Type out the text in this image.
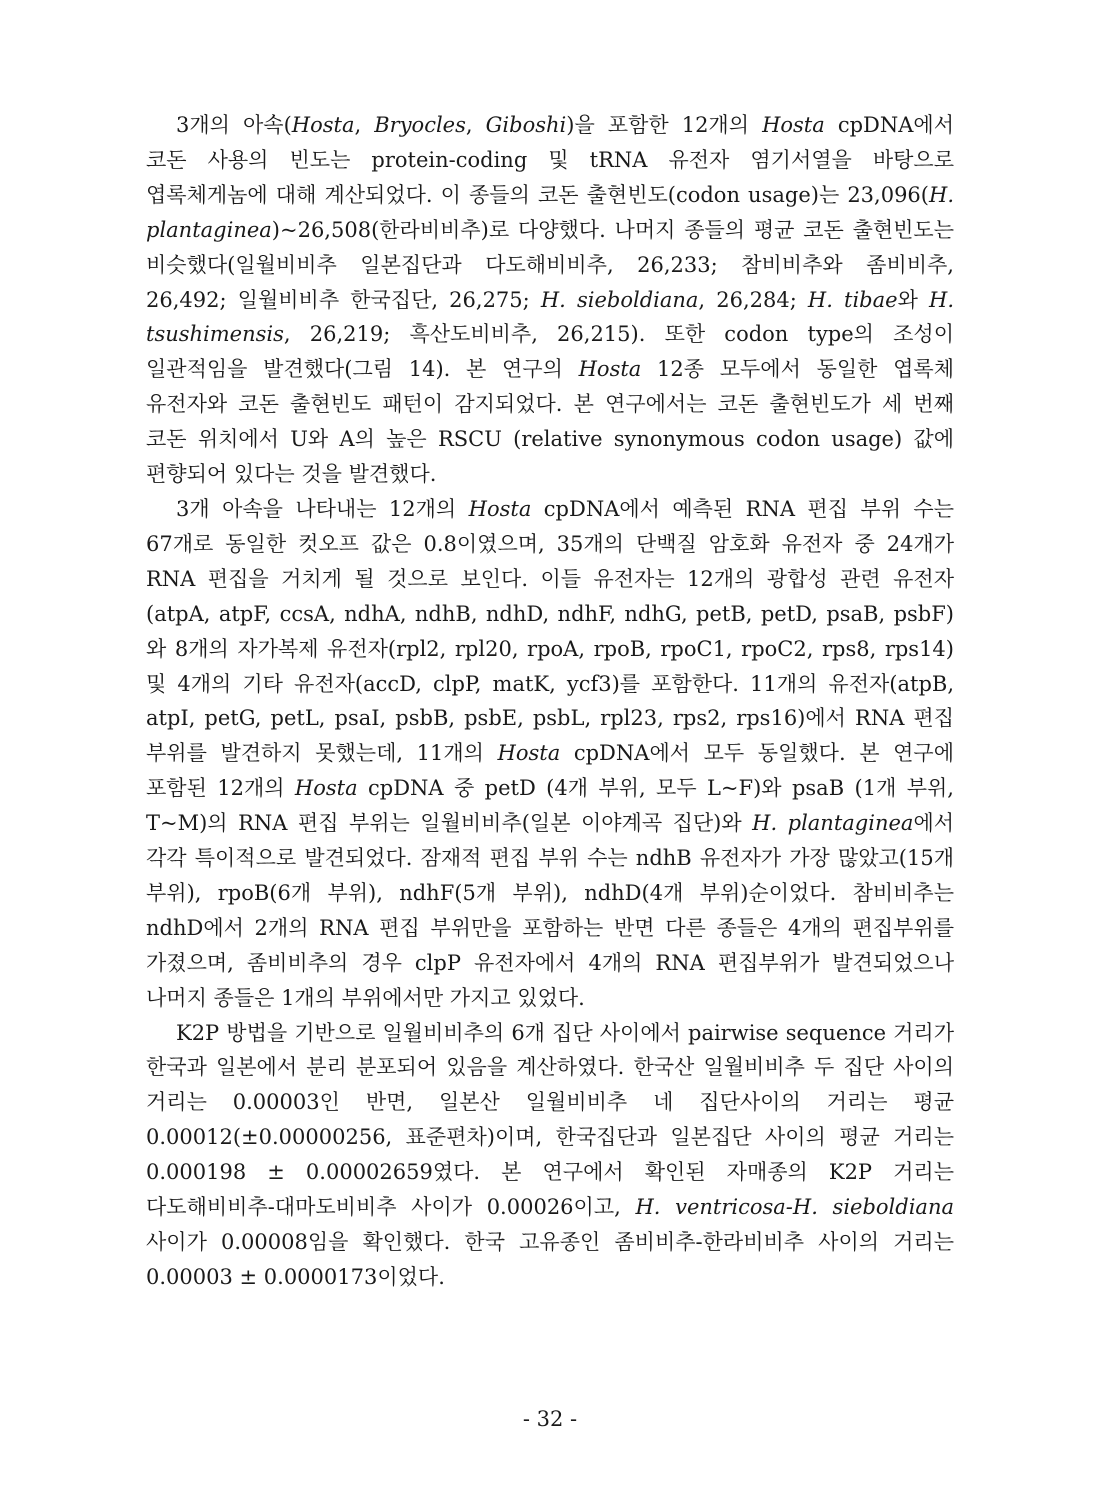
3개의 아속(Hosta, Bryocles, Giboshi)을 포함한 12개의 Hosta cpDNA에서 코돈 사용의 빈도는 protein-coding 및 tRNA 유전자 염기서열을 바탕으로 엽록체게놈에 대해 계산되었다. 이 종들의 코돈 출현빈도(codon usage)는 23,096(H. plantaginea)~26,508(한라비비추)로 다양했다. 나머지 종들의 평균 코돈 출현빈도는 비슷했다(일월비비추 일본집단과 다도해비비추, 26,233; 참비비추와 좀비비추, 26,492; 일월비비추 한국집단, 26,275; H. sieboldiana, 26,284; H. tibae와 H. tsushimensis, 26,219; 흑산도비비추, 26,215). 또한 codon type의 조성이 일관적임을 발견했다(그림 14). 본 연구의 Hosta 12종 모두에서 동일한 엽록체 유전자와 코돈 출현빈도 패턴이 감지되었다. 본 연구에서는 코돈 출현빈도가 세 번째 코돈 위치에서 U와 A의 높은 RSCU (relative synonymous codon usage) 값에 편향되어 있다는 것을 발견했다.

3개 아속을 나타내는 12개의 Hosta cpDNA에서 예측된 RNA 편집 부위 수는 67개로 동일한 컷오프 값은 0.8이였으며, 35개의 단백질 암호화 유전자 중 24개가 RNA 편집을 거치게 될 것으로 보인다. 이들 유전자는 12개의 광합성 관련 유전자(atpA, atpF, ccsA, ndhA, ndhB, ndhD, ndhF, ndhG, petB, petD, psaB, psbF)와 8개의 자가복제 유전자(rpl2, rpl20, rpoA, rpoB, rpoC1, rpoC2, rps8, rps14) 및 4개의 기타 유전자(accD, clpP, matK, ycf3)를 포함한다. 11개의 유전자(atpB, atpI, petG, petL, psaI, psbB, psbE, psbL, rpl23, rps2, rps16)에서 RNA 편집 부위를 발견하지 못했는데, 11개의 Hosta cpDNA에서 모두 동일했다. 본 연구에 포함된 12개의 Hosta cpDNA 중 petD (4개 부위, 모두 L~F)와 psaB (1개 부위, T~M)의 RNA 편집 부위는 일월비비추(일본 이야계곡 집단)와 H. plantaginea에서 각각 특이적으로 발견되었다. 잠재적 편집 부위 수는 ndhB 유전자가 가장 많았고(15개 부위), rpoB(6개 부위), ndhF(5개 부위), ndhD(4개 부위)순이었다. 참비비추는 ndhD에서 2개의 RNA 편집 부위만을 포함하는 반면 다른 종들은 4개의 편집부위를 가졌으며, 좀비비추의 경우 clpP 유전자에서 4개의 RNA 편집부위가 발견되었으나 나머지 종들은 1개의 부위에서만 가지고 있었다.

K2P 방법을 기반으로 일월비비추의 6개 집단 사이에서 pairwise sequence 거리가 한국과 일본에서 분리 분포되어 있음을 계산하였다. 한국산 일월비비추 두 집단 사이의 거리는 0.00003인 반면, 일본산 일월비비추 네 집단사이의 거리는 평균 0.00012(±0.00000256, 표준편차)이며, 한국집단과 일본집단 사이의 평균 거리는 0.000198 ± 0.00002659였다. 본 연구에서 확인된 자매종의 K2P 거리는 다도해비비추-대마도비비추 사이가 0.00026이고, H. ventricosa-H. sieboldiana 사이가 0.00008임을 확인했다. 한국 고유종인 좀비비추-한라비비추 사이의 거리는 0.00003 ± 0.0000173이었다.

- 32 -
